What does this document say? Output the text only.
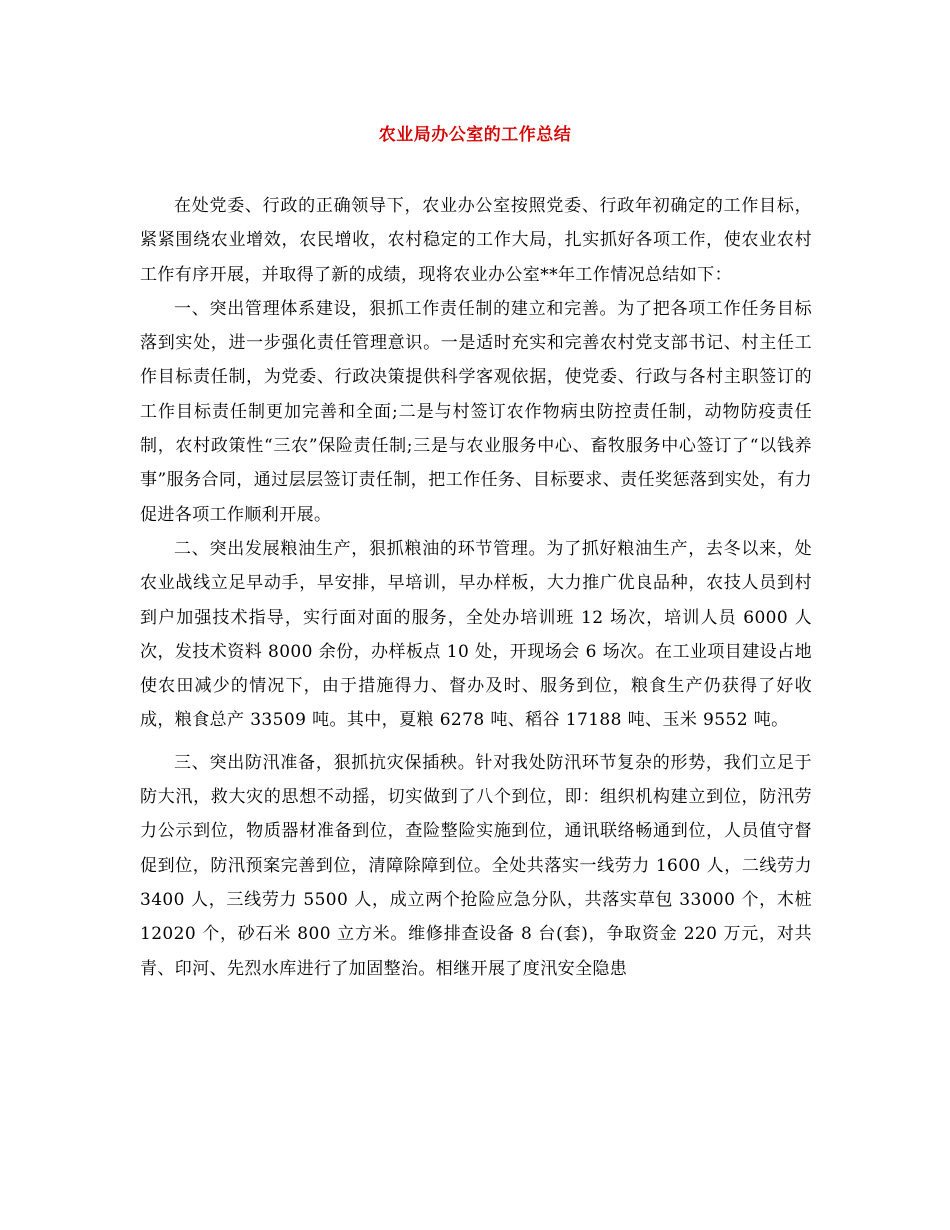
农业局办公室的工作总结

在处党委、行政的正确领导下，农业办公室按照党委、行政年初确定的工作目标，紧紧围绕农业增效，农民增收，农村稳定的工作大局，扎实抓好各项工作，使农业农村工作有序开展，并取得了新的成绩，现将农业办公室**年工作情况总结如下：

一、突出管理体系建设，狠抓工作责任制的建立和完善。为了把各项工作任务目标落到实处，进一步强化责任管理意识。一是适时充实和完善农村党支部书记、村主任工作目标责任制，为党委、行政决策提供科学客观依据，使党委、行政与各村主职签订的工作目标责任制更加完善和全面;二是与村签订农作物病虫防控责任制，动物防疫责任制，农村政策性“三农”保险责任制;三是与农业服务中心、畜牧服务中心签订了“以钱养事”服务合同，通过层层签订责任制，把工作任务、目标要求、责任奖惩落到实处，有力促进各项工作顺利开展。

二、突出发展粮油生产，狠抓粮油的环节管理。为了抓好粮油生产，去冬以来，处农业战线立足早动手，早安排，早培训，早办样板，大力推广优良品种，农技人员到村到户加强技术指导，实行面对面的服务，全处办培训班 12 场次，培训人员 6000 人次，发技术资料 8000 余份，办样板点 10 处，开现场会 6 场次。在工业项目建设占地使农田减少的情况下，由于措施得力、督办及时、服务到位，粮食生产仍获得了好收成，粮食总产 33509 吨。其中，夏粮 6278 吨、稻谷 17188 吨、玉米 9552 吨。

三、突出防汛准备，狠抓抗灾保插秧。针对我处防汛环节复杂的形势，我们立足于防大汛，救大灾的思想不动摇，切实做到了八个到位，即：组织机构建立到位，防汛劳力公示到位，物质器材准备到位，查险整险实施到位，通讯联络畅通到位，人员值守督促到位，防汛预案完善到位，清障除障到位。全处共落实一线劳力 1600 人，二线劳力 3400 人，三线劳力 5500 人，成立两个抢险应急分队，共落实草包 33000 个，木桩 12020 个，砂石米 800 立方米。维修排查设备 8 台(套)，争取资金 220 万元，对共青、印河、先烈水库进行了加固整治。相继开展了度汛安全隐患
